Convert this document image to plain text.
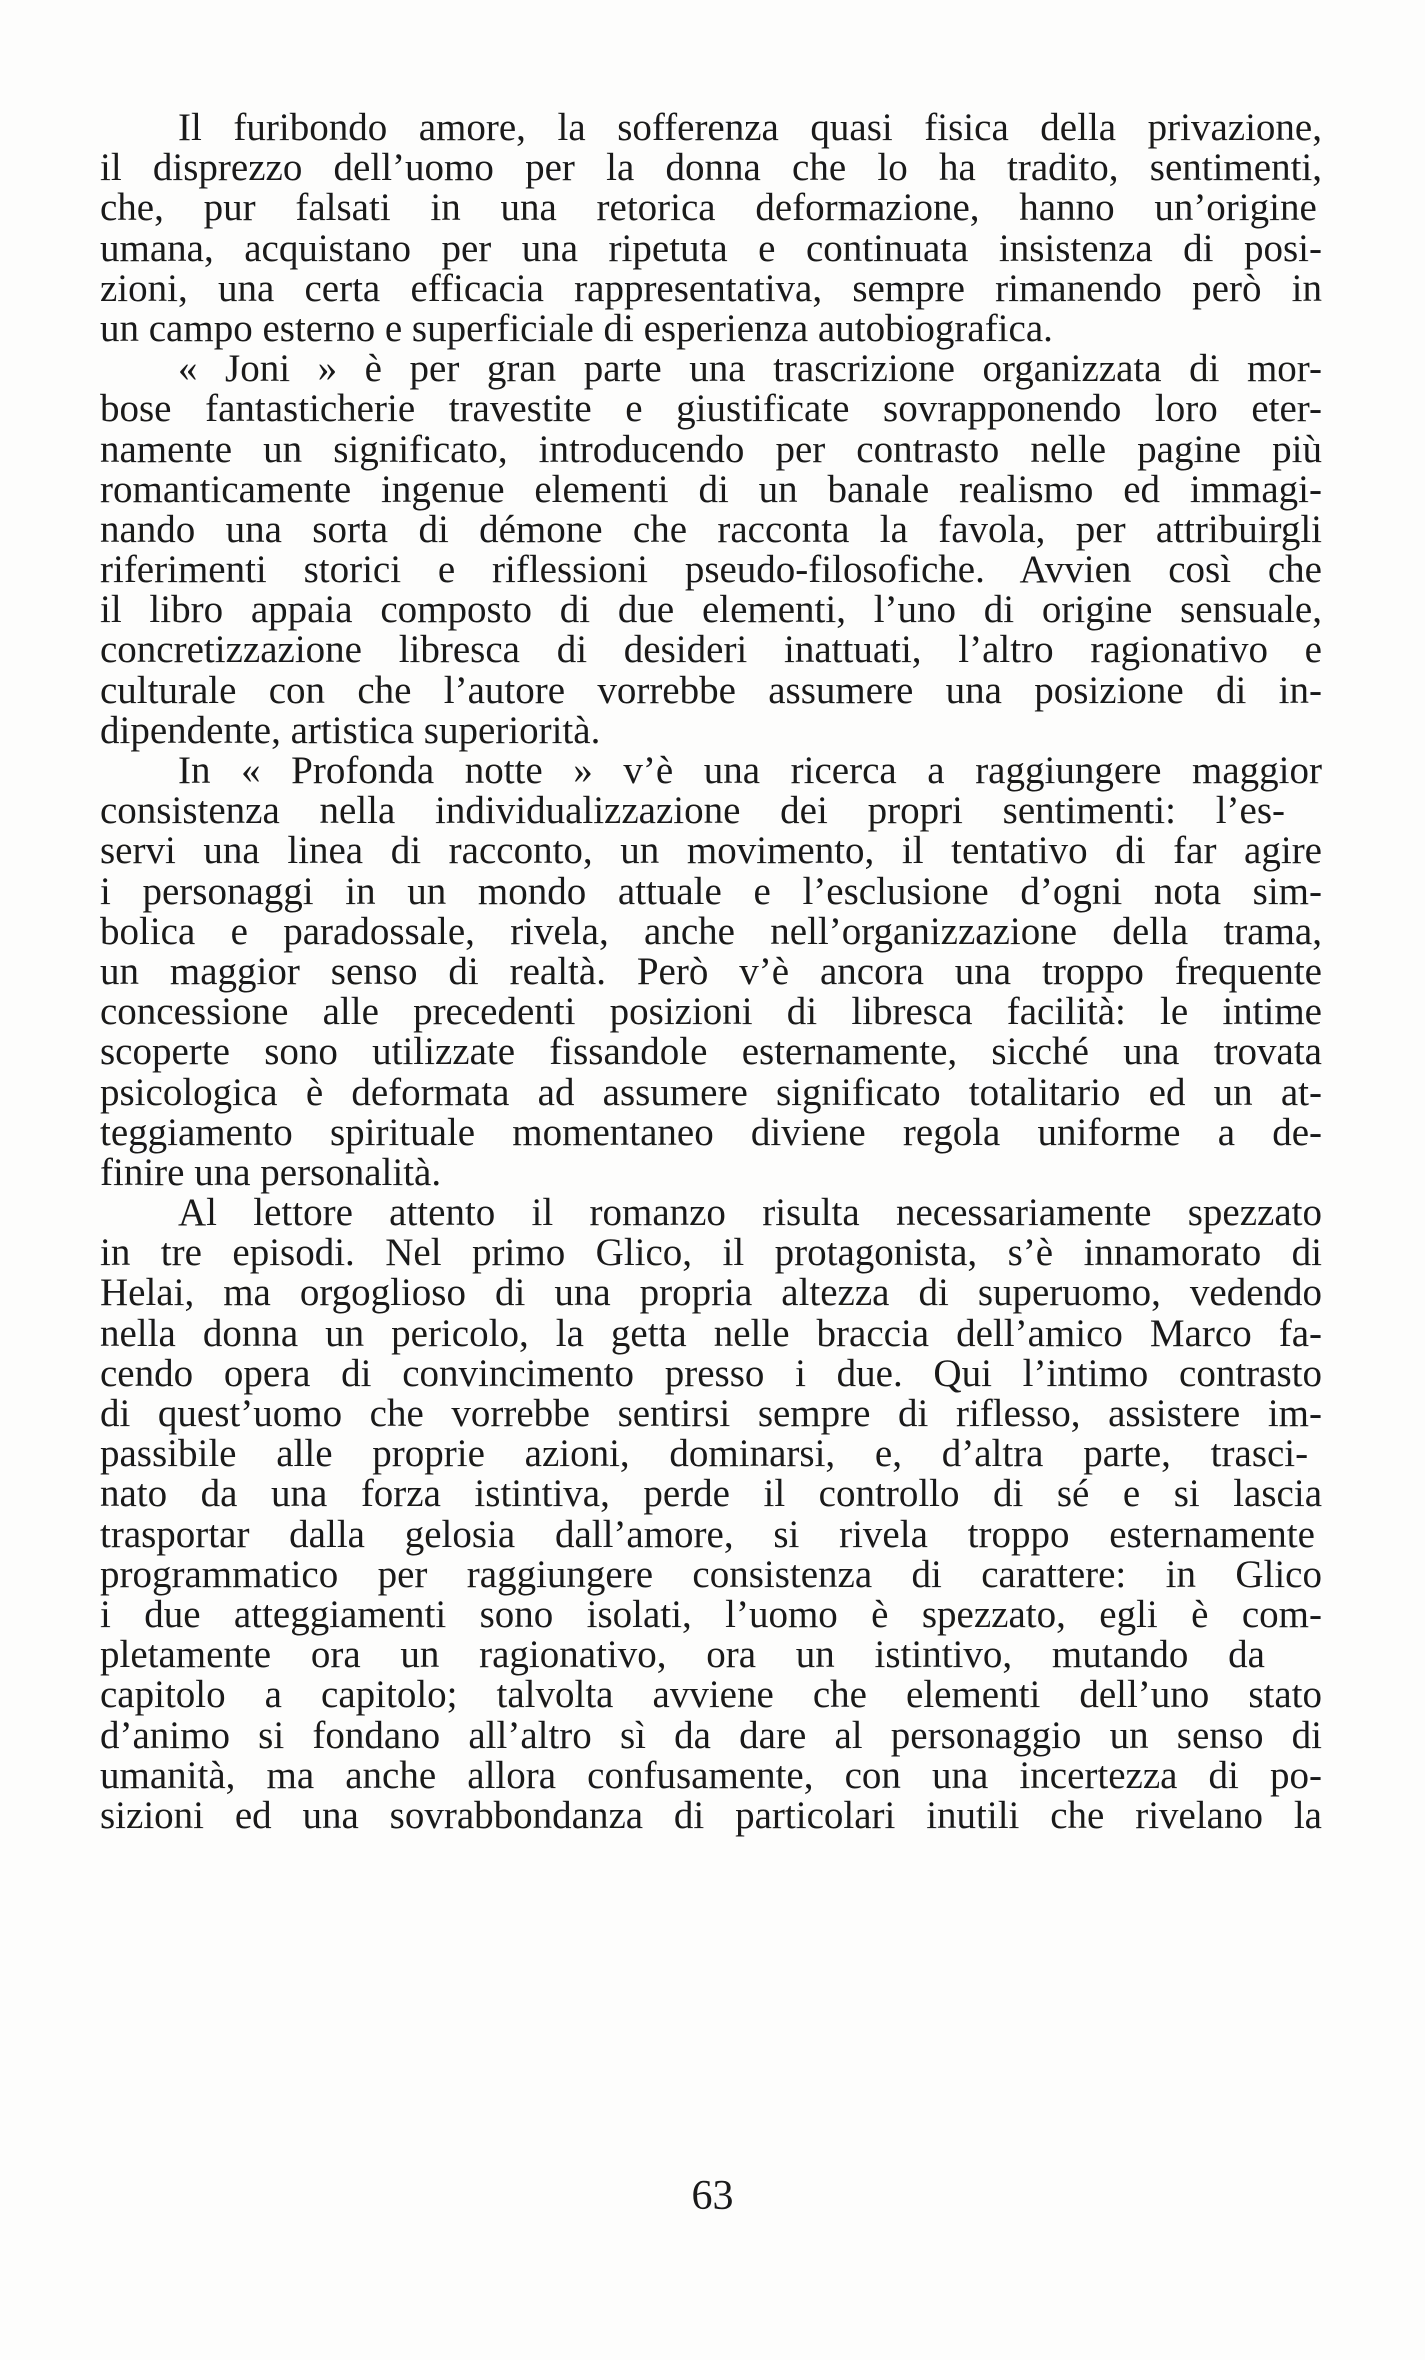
Il furibondo amore, la sofferenza quasi fisica della privazione,
il disprezzo dell’uomo per la donna che lo ha tradito, sentimenti,
che, pur falsati in una retorica deformazione, hanno un’origine
umana, acquistano per una ripetuta e continuata insistenza di posi-
zioni, una certa efficacia rappresentativa, sempre rimanendo però in
un campo esterno e superficiale di esperienza autobiografica.
« Joni » è per gran parte una trascrizione organizzata di mor-
bose fantasticherie travestite e giustificate sovrapponendo loro eter-
namente un significato, introducendo per contrasto nelle pagine più
romanticamente ingenue elementi di un banale realismo ed immagi-
nando una sorta di démone che racconta la favola, per attribuirgli
riferimenti storici e riflessioni pseudo-filosofiche. Avvien così che
il libro appaia composto di due elementi, l’uno di origine sensuale,
concretizzazione libresca di desideri inattuati, l’altro ragionativo e
culturale con che l’autore vorrebbe assumere una posizione di in-
dipendente, artistica superiorità.
In « Profonda notte » v’è una ricerca a raggiungere maggior
consistenza nella individualizzazione dei propri sentimenti: l’es-
servi una linea di racconto, un movimento, il tentativo di far agire
i personaggi in un mondo attuale e l’esclusione d’ogni nota sim-
bolica e paradossale, rivela, anche nell’organizzazione della trama,
un maggior senso di realtà. Però v’è ancora una troppo frequente
concessione alle precedenti posizioni di libresca facilità: le intime
scoperte sono utilizzate fissandole esternamente, sicché una trovata
psicologica è deformata ad assumere significato totalitario ed un at-
teggiamento spirituale momentaneo diviene regola uniforme a de-
finire una personalità.
Al lettore attento il romanzo risulta necessariamente spezzato
in tre episodi. Nel primo Glico, il protagonista, s’è innamorato di
Helai, ma orgoglioso di una propria altezza di superuomo, vedendo
nella donna un pericolo, la getta nelle braccia dell’amico Marco fa-
cendo opera di convincimento presso i due. Qui l’intimo contrasto
di quest’uomo che vorrebbe sentirsi sempre di riflesso, assistere im-
passibile alle proprie azioni, dominarsi, e, d’altra parte, trasci-
nato da una forza istintiva, perde il controllo di sé e si lascia
trasportar dalla gelosia dall’amore, si rivela troppo esternamente
programmatico per raggiungere consistenza di carattere: in Glico
i due atteggiamenti sono isolati, l’uomo è spezzato, egli è com-
pletamente ora un ragionativo, ora un istintivo, mutando da
capitolo a capitolo; talvolta avviene che elementi dell’uno stato
d’animo si fondano all’altro sì da dare al personaggio un senso di
umanità, ma anche allora confusamente, con una incertezza di po-
sizioni ed una sovrabbondanza di particolari inutili che rivelano la
63
